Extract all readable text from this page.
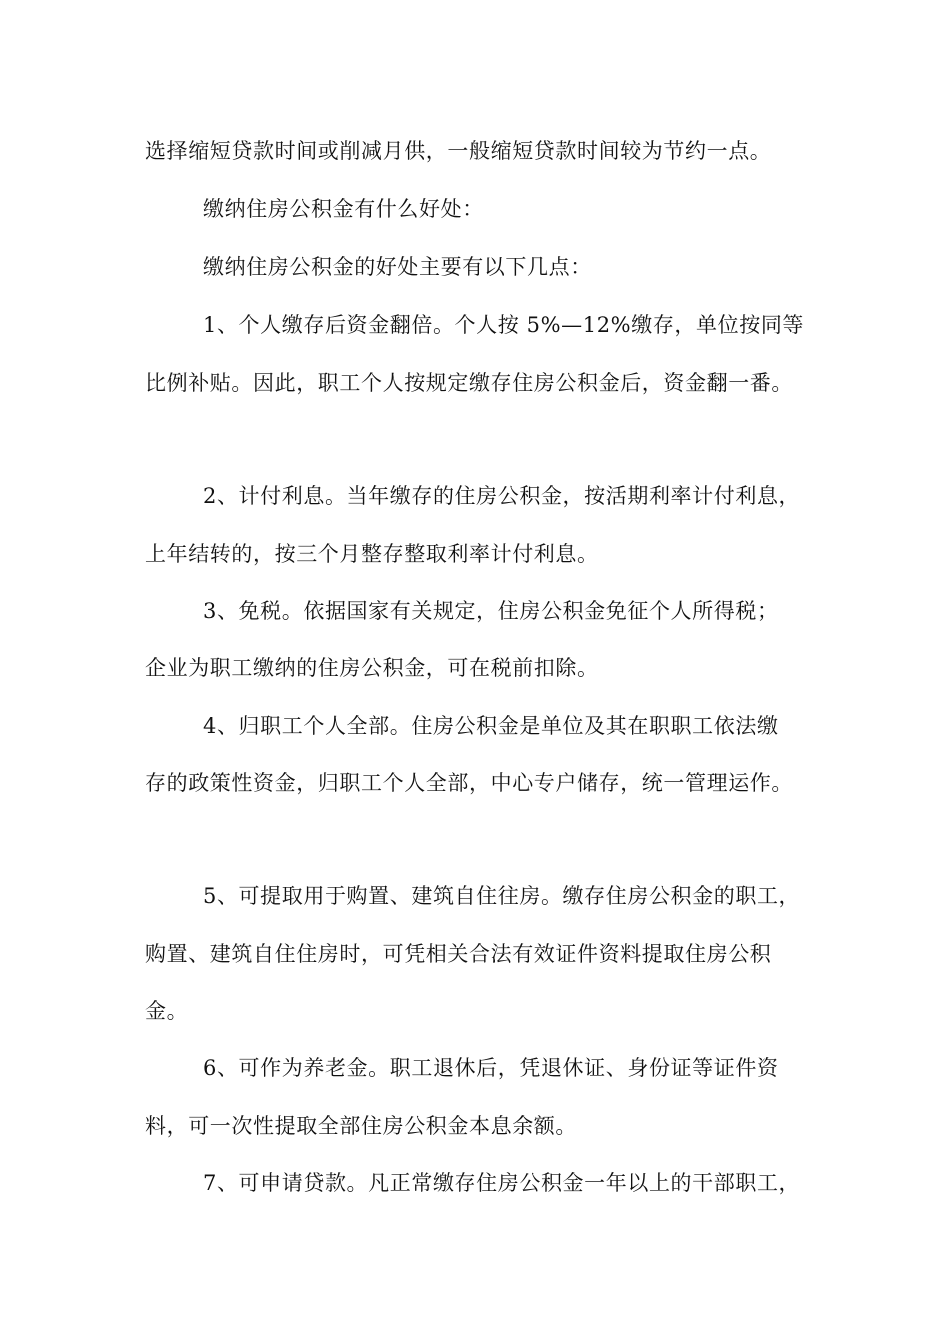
选择缩短贷款时间或削减月供，一般缩短贷款时间较为节约一点。
缴纳住房公积金有什么好处：
缴纳住房公积金的好处主要有以下几点：
1、个人缴存后资金翻倍。个人按 5%—12%缴存，单位按同等
比例补贴。因此，职工个人按规定缴存住房公积金后，资金翻一番。
2、计付利息。当年缴存的住房公积金，按活期利率计付利息，
上年结转的，按三个月整存整取利率计付利息。
3、免税。依据国家有关规定，住房公积金免征个人所得税；
企业为职工缴纳的住房公积金，可在税前扣除。
4、归职工个人全部。住房公积金是单位及其在职职工依法缴
存的政策性资金，归职工个人全部，中心专户储存，统一管理运作。
5、可提取用于购置、建筑自住往房。缴存住房公积金的职工，
购置、建筑自住住房时，可凭相关合法有效证件资料提取住房公积
金。
6、可作为养老金。职工退休后，凭退休证、身份证等证件资
料，可一次性提取全部住房公积金本息余额。
7、可申请贷款。凡正常缴存住房公积金一年以上的干部职工，
